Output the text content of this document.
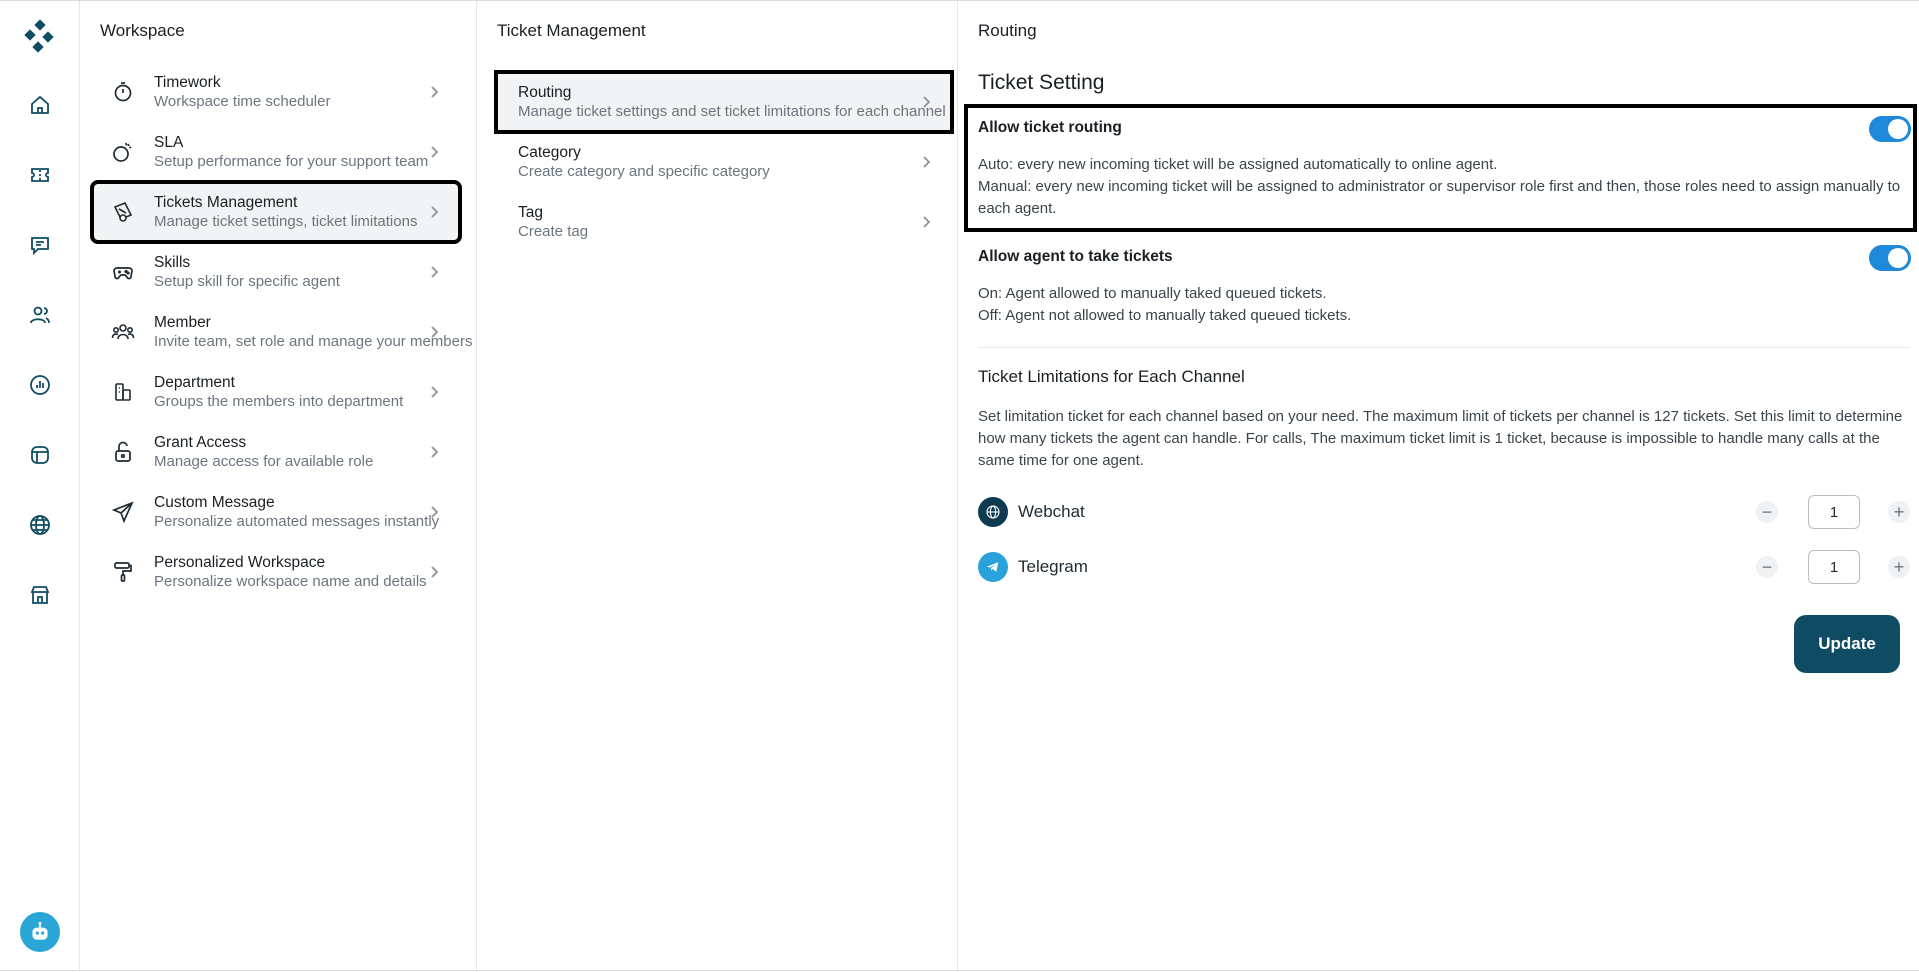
Workspace
Timework
Workspace time scheduler
SLA
Setup performance for your support team
Tickets Management
Manage ticket settings, ticket limitations
Skills
Setup skill for specific agent
Member
Invite team, set role and manage your members
Department
Groups the members into department
Grant Access
Manage access for available role
Custom Message
Personalize automated messages instantly
Personalized Workspace
Personalize workspace name and details
Ticket Management
Routing
Manage ticket settings and set ticket limitations for each channel
Category
Create category and specific category
Tag
Create tag
Routing
Ticket Setting
Allow ticket routing
Auto: every new incoming ticket will be assigned automatically to online agent.
Manual: every new incoming ticket will be assigned to administrator or supervisor role first and then, those roles need to assign manually to each agent.
Allow agent to take tickets
On: Agent allowed to manually taked queued tickets.
Off: Agent not allowed to manually taked queued tickets.
Ticket Limitations for Each Channel
Set limitation ticket for each channel based on your need. The maximum limit of tickets per channel is 127 tickets. Set this limit to determine how many tickets the agent can handle. For calls, The maximum ticket limit is 1 ticket, because is impossible to handle many calls at the same time for one agent.
Webchat	−
1	+
Telegram	−
1	+
Update
